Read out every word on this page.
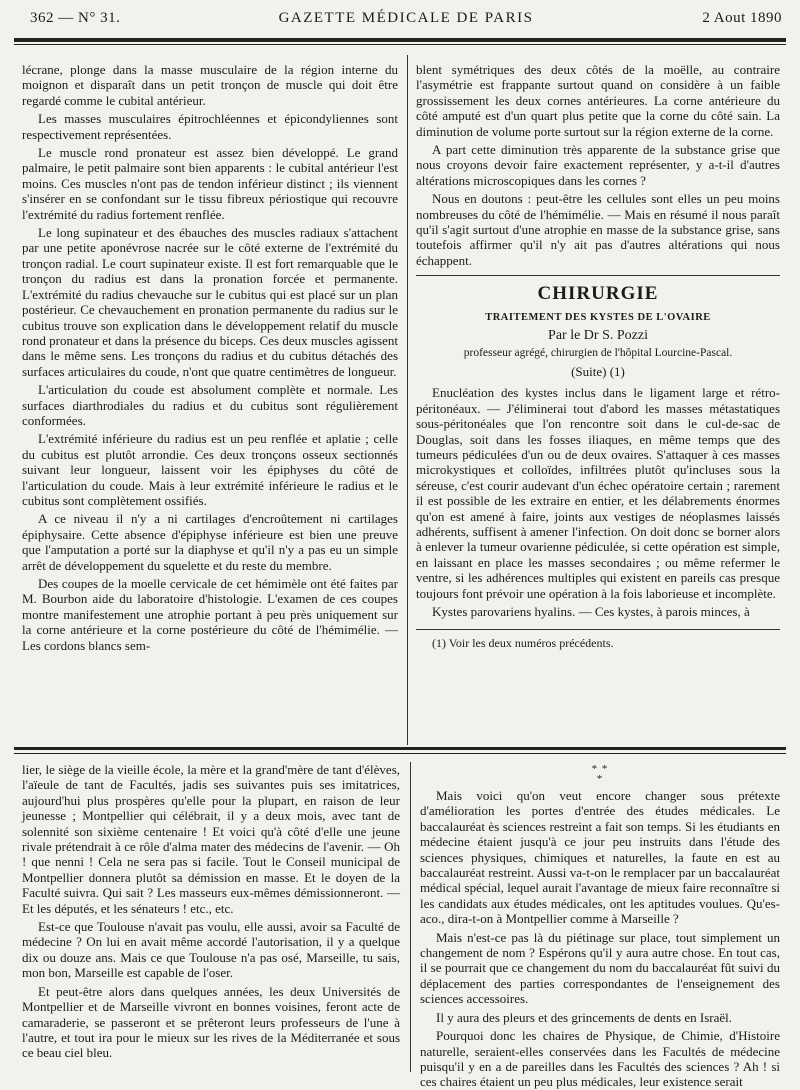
362 — N° 31.	GAZETTE MÉDICALE DE PARIS	2 Aout 1890

lécrane, plonge dans la masse musculaire de la région interne du moignon et disparaît dans un petit tronçon de muscle qui doit être regardé comme le cubital antérieur.

Les masses musculaires épitrochléennes et épicondyliennes sont respectivement représentées.

Le muscle rond pronateur est assez bien développé. Le grand palmaire, le petit palmaire sont bien apparents : le cubital antérieur l'est moins. Ces muscles n'ont pas de tendon inférieur distinct ; ils viennent s'insérer en se confondant sur le tissu fibreux périostique qui recouvre l'extrémité du radius fortement renflée.

Le long supinateur et des ébauches des muscles radiaux s'attachent par une petite aponévrose nacrée sur le côté externe de l'extrémité du tronçon radial. Le court supinateur existe. Il est fort remarquable que le tronçon du radius est dans la pronation forcée et permanente. L'extrémité du radius chevauche sur le cubitus qui est placé sur un plan postérieur. Ce chevauchement en pronation permanente du radius sur le cubitus trouve son explication dans le développement relatif du muscle rond pronateur et dans la présence du biceps. Ces deux muscles agissent dans le même sens. Les tronçons du radius et du cubitus détachés des surfaces articulaires du coude, n'ont que quatre centimètres de longueur.

L'articulation du coude est absolument complète et normale. Les surfaces diarthrodiales du radius et du cubitus sont régulièrement conformées.

L'extrémité inférieure du radius est un peu renflée et aplatie ; celle du cubitus est plutôt arrondie. Ces deux tronçons osseux sectionnés suivant leur longueur, laissent voir les épiphyses du côté de l'articulation du coude. Mais à leur extrémité inférieure le radius et le cubitus sont complètement ossifiés.

A ce niveau il n'y a ni cartilages d'encroûtement ni cartilages épiphysaire. Cette absence d'épiphyse inférieure est bien une preuve que l'amputation a porté sur la diaphyse et qu'il n'y a pas eu un simple arrêt de développement du squelette et du reste du membre.

Des coupes de la moelle cervicale de cet hémimèle ont été faites par M. Bourbon aide du laboratoire d'histologie. L'examen de ces coupes montre manifestement une atrophie portant à peu près uniquement sur la corne antérieure et la corne postérieure du côté de l'hémimélie. — Les cordons blancs sem-

blent symétriques des deux côtés de la moëlle, au contraire l'asymétrie est frappante surtout quand on considère à un faible grossissement les deux cornes antérieures. La corne antérieure du côté amputé est d'un quart plus petite que la corne du côté sain. La diminution de volume porte surtout sur la région externe de la corne.

A part cette diminution très apparente de la substance grise que nous croyons devoir faire exactement représenter, y a-t-il d'autres altérations microscopiques dans les cornes ?

Nous en doutons : peut-être les cellules sont elles un peu moins nombreuses du côté de l'hémimélie. — Mais en résumé il nous paraît qu'il s'agit surtout d'une atrophie en masse de la substance grise, sans toutefois affirmer qu'il n'y ait pas d'autres altérations qui nous échappent.

CHIRURGIE
TRAITEMENT DES KYSTES DE L'OVAIRE
Par le Dr S. Pozzi
professeur agrégé, chirurgien de l'hôpital Lourcine-Pascal.
(Suite) (1)

Enucléation des kystes inclus dans le ligament large et rétro-péritonéaux. — J'éliminerai tout d'abord les masses métastatiques sous-péritonéales que l'on rencontre soit dans le cul-de-sac de Douglas, soit dans les fosses iliaques, en même temps que des tumeurs pédiculées d'un ou de deux ovaires. S'attaquer à ces masses microkystiques et colloïdes, infiltrées plutôt qu'incluses sous la séreuse, c'est courir audevant d'un échec opératoire certain ; rarement il est possible de les extraire en entier, et les délabrements énormes qu'on est amené à faire, joints aux vestiges de néoplasmes laissés adhérents, suffisent à amener l'infection. On doit donc se borner alors à enlever la tumeur ovarienne pédiculée, si cette opération est simple, en laissant en place les masses secondaires ; ou même refermer le ventre, si les adhérences multiples qui existent en pareils cas presque toujours font prévoir une opération à la fois laborieuse et incomplète.

Kystes parovariens hyalins. — Ces kystes, à parois minces, à

(1) Voir les deux numéros précédents.

lier, le siège de la vieille école, la mère et la grand'mère de tant d'élèves, l'aïeule de tant de Facultés, jadis ses suivantes puis ses imitatrices, aujourd'hui plus prospères qu'elle pour la plupart, en raison de leur jeunesse ; Montpellier qui célébrait, il y a deux mois, avec tant de solennité son sixième centenaire ! Et voici qu'à côté d'elle une jeune rivale prétendrait à ce rôle d'alma mater des médecins de l'avenir. — Oh ! que nenni ! Cela ne sera pas si facile. Tout le Conseil municipal de Montpellier donnera plutôt sa démission en masse. Et le doyen de la Faculté suivra. Qui sait ? Les masseurs eux-mêmes démissionneront. — Et les députés, et les sénateurs ! etc., etc.

Est-ce que Toulouse n'avait pas voulu, elle aussi, avoir sa Faculté de médecine ? On lui en avait même accordé l'autorisation, il y a quelque dix ou douze ans. Mais ce que Toulouse n'a pas osé, Marseille, tu sais, mon bon, Marseille est capable de l'oser.

Et peut-être alors dans quelques années, les deux Universités de Montpellier et de Marseille vivront en bonnes voisines, feront acte de camaraderie, se passeront et se prêteront leurs professeurs de l'une à l'autre, et tout ira pour le mieux sur les rives de la Méditerranée et sous ce beau ciel bleu.

* *
*

Mais voici qu'on veut encore changer sous prétexte d'amélioration les portes d'entrée des études médicales. Le baccalauréat ès sciences restreint a fait son temps. Si les étudiants en médecine étaient jusqu'à ce jour peu instruits dans l'étude des sciences physiques, chimiques et naturelles, la faute en est au baccalauréat restreint. Aussi va-t-on le remplacer par un baccalauréat médical spécial, lequel aurait l'avantage de mieux faire reconnaître si les candidats aux études médicales, ont les aptitudes voulues. Qu'es-aco., dira-t-on à Montpellier comme à Marseille ?

Mais n'est-ce pas là du piétinage sur place, tout simplement un changement de nom ? Espérons qu'il y aura autre chose. En tout cas, il se pourrait que ce changement du nom du baccalauréat fût suivi du déplacement des parties correspondantes de l'enseignement des sciences accessoires.

Il y aura des pleurs et des grincements de dents en Israël.

Pourquoi donc les chaires de Physique, de Chimie, d'Histoire naturelle, seraient-elles conservées dans les Facultés de médecine puisqu'il y en a de pareilles dans les Facultés des sciences ? Ah ! si ces chaires étaient un peu plus médicales, leur existence serait
